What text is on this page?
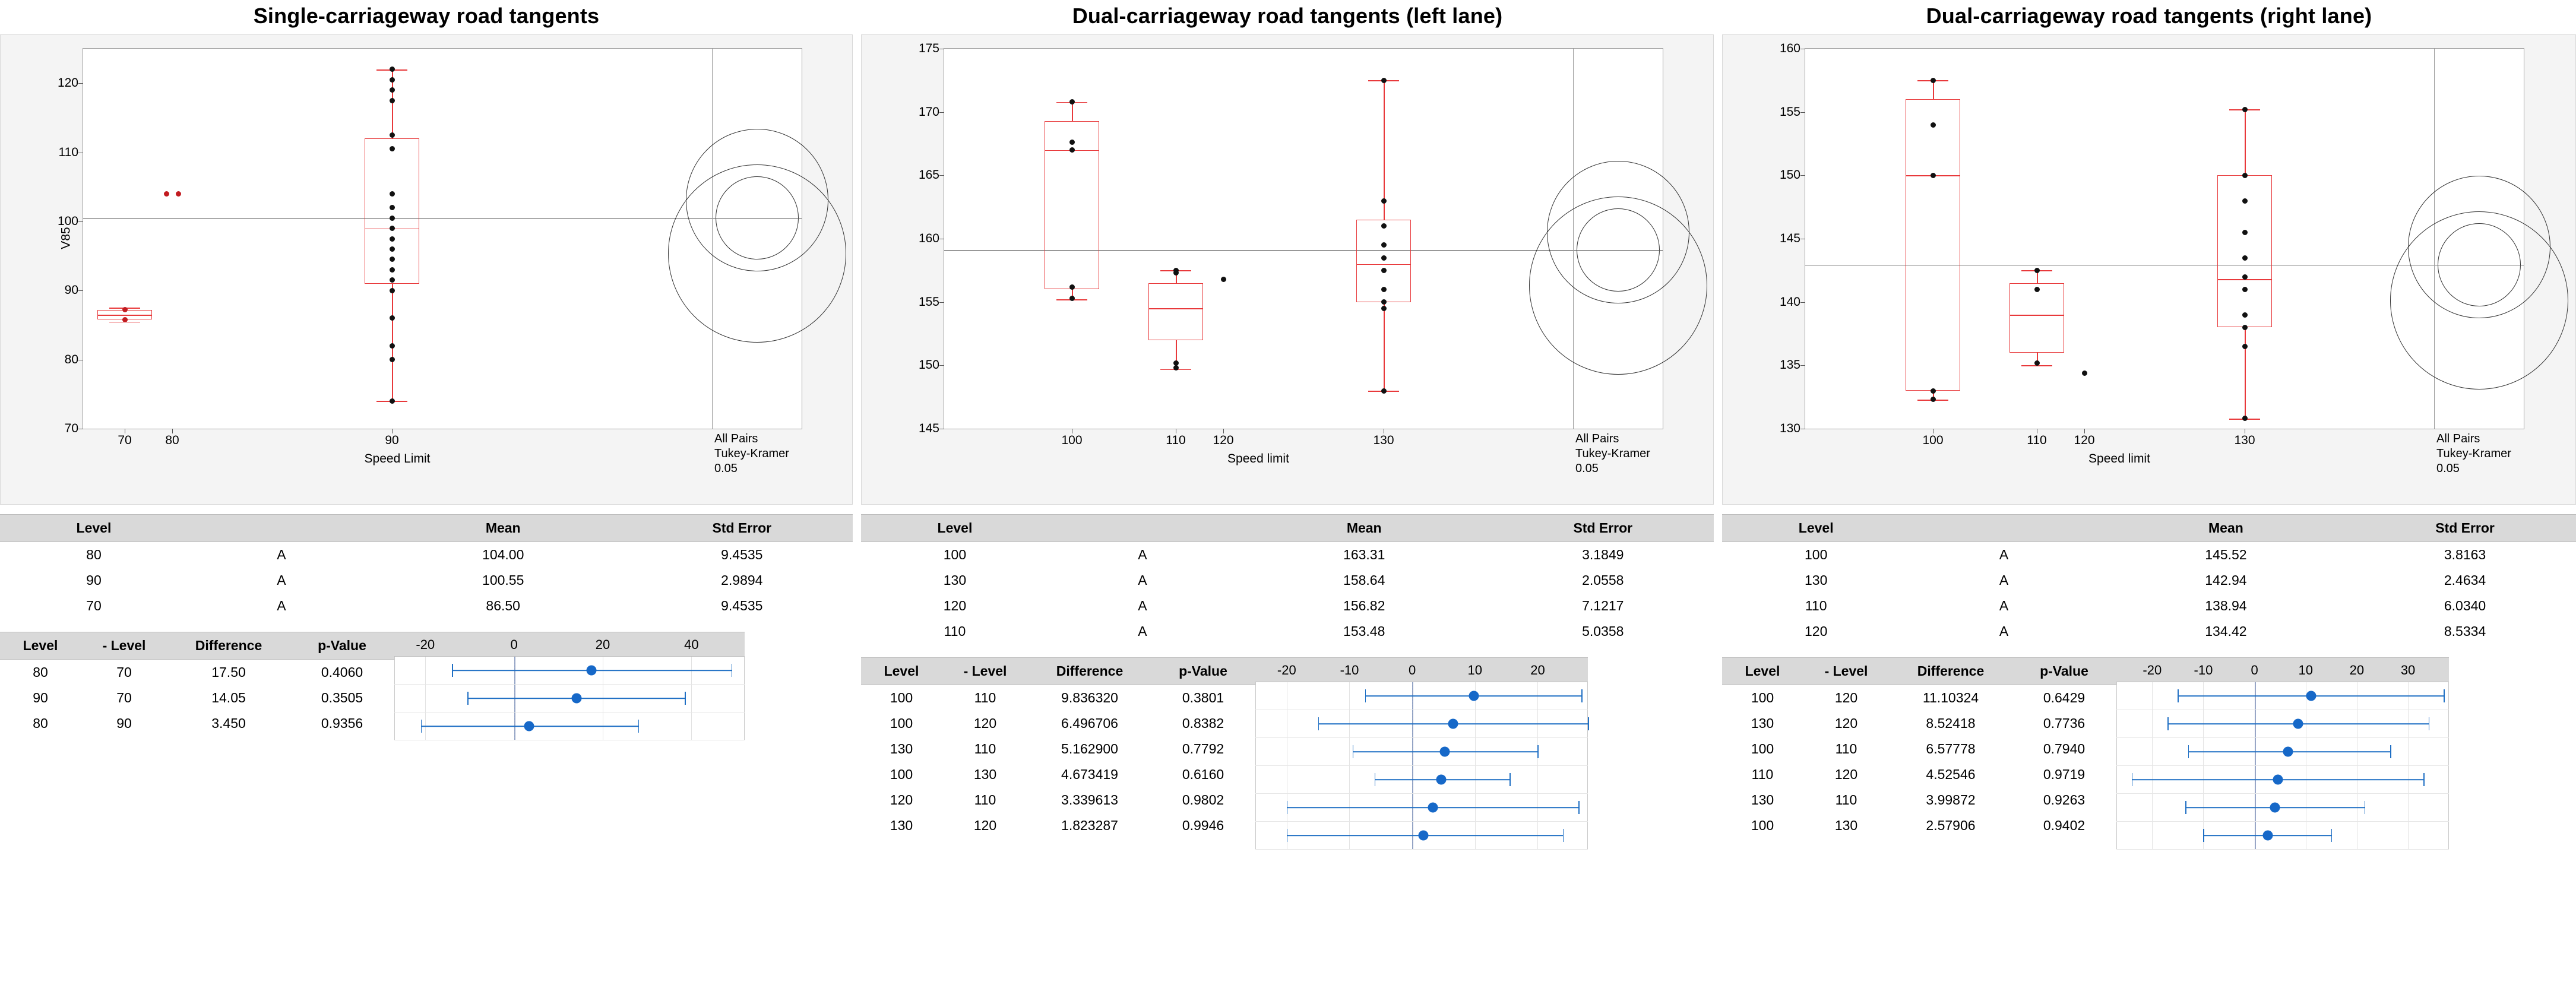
Single-carriageway road tangents
V85
70
80
90
100
110
120
70	80	90
Speed Limit
All Pairs
Tukey-Kramer
0.05
Level		Mean	Std Error
80	A	104.00	9.4535
90	A	100.55	2.9894
70	A	86.50	9.4535
Level	- Level	Difference	p-Value
80	70	17.50	0.4060
90	70	14.05	0.3505
80	90	3.450	0.9356
-20	0	20	40
Dual-carriageway road tangents (left lane)
145
150
155
160
165
170
175
100	110 120	130
Speed limit
All Pairs
Tukey-Kramer
0.05
Level		Mean	Std Error
100	A	163.31	3.1849
130	A	158.64	2.0558
120	A	156.82	7.1217
110	A	153.48	5.0358
Level	- Level	Difference	p-Value
100	110	9.836320	0.3801
100	120	6.496706	0.8382
130	110	5.162900	0.7792
100	130	4.673419	0.6160
120	110	3.339613	0.9802
130	120	1.823287	0.9946
-20	-10	0	10	20
Dual-carriageway road tangents (right lane)
130
135
140
145
150
155
160
100	110 120	130
Speed limit
All Pairs
Tukey-Kramer
0.05
Level		Mean	Std Error
100	A	145.52	3.8163
130	A	142.94	2.4634
110	A	138.94	6.0340
120	A	134.42	8.5334
Level	- Level	Difference	p-Value
100	120	11.10324	0.6429
130	120	8.52418	0.7736
100	110	6.57778	0.7940
110	120	4.52546	0.9719
130	110	3.99872	0.9263
100	130	2.57906	0.9402
-20 -10	0	10	20	30
